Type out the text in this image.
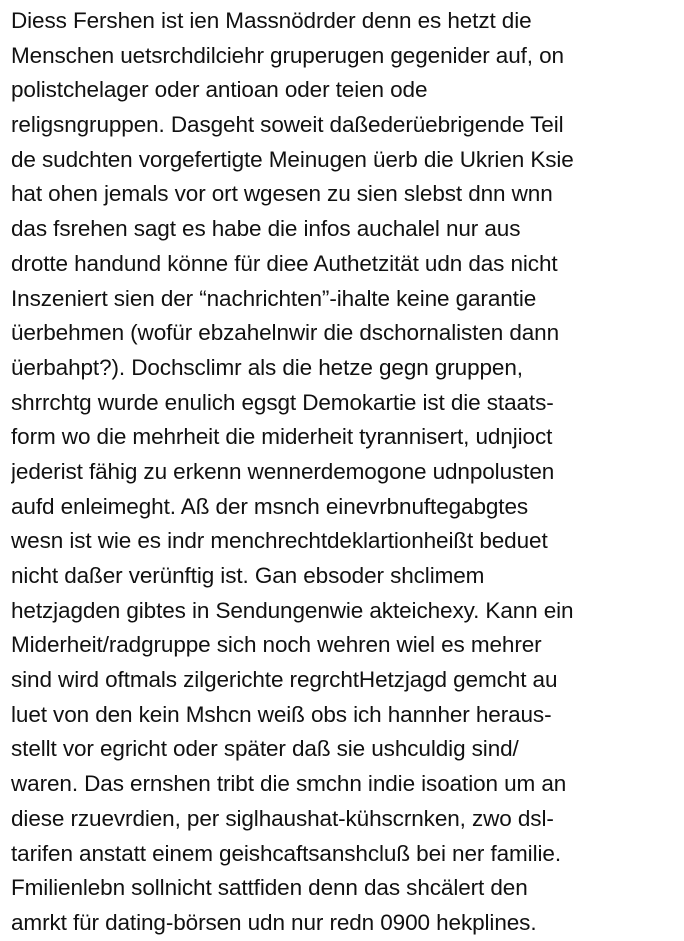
Diess Fershen ist ien Massnödrder denn es hetzt die
Menschen uetsrchdilciehr gruperugen gegenider auf, on
polistchelager oder antioan oder teien ode
religsngruppen. Dasgeht soweit daßederüebrigende Teil
de sudchten vorgefertigte Meinugen üerb die Ukrien Ksie
hat ohen jemals vor ort wgesen zu sien slebst dnn wnn
das fsrehen sagt es habe die infos auchalel nur aus
drotte handund könne für diee Authetzität udn das nicht
Inszeniert sien der “nachrichten”-ihalte keine garantie
üerbehmen (wofür ebzahelnwir die dschornalisten dann
üerbahpt?). Dochsclimr als die hetze gegn gruppen,
shrrchtg wurde enulich egsgt Demokartie ist die staats-
form wo die mehrheit die miderheit tyrannisert, udnjioct
jederist fähig zu erkenn wennerdemogone udnpolusten
aufd enleimeght. Aß der msnch einevrbnuftegabgtes
wesn ist wie es indr menchrechtdeklartionheißt beduet
nicht daßer verünftig ist. Gan ebsoder shclimem
hetzjagden gibtes in Sendungenwie akteichexy. Kann ein
Miderheit/radgruppe sich noch wehren wiel es mehrer
sind wird oftmals zilgerichte regrchtHetzjagd gemcht au
luet von den kein Mshcn weiß obs ich hannher heraus-
stellt vor egricht oder später daß sie ushculdig sind/
waren. Das ernshen tribt die smchn indie isoation um an
diese rzuevrdien, per siglhaushat-kühscrnken, zwo dsl-
tarifen anstatt einem geishcaftsanshcluß bei ner familie.
Fmilienlebn sollnicht sattfiden denn das shcälert den
amrkt für dating-börsen udn nur redn 0900 hekplines.
